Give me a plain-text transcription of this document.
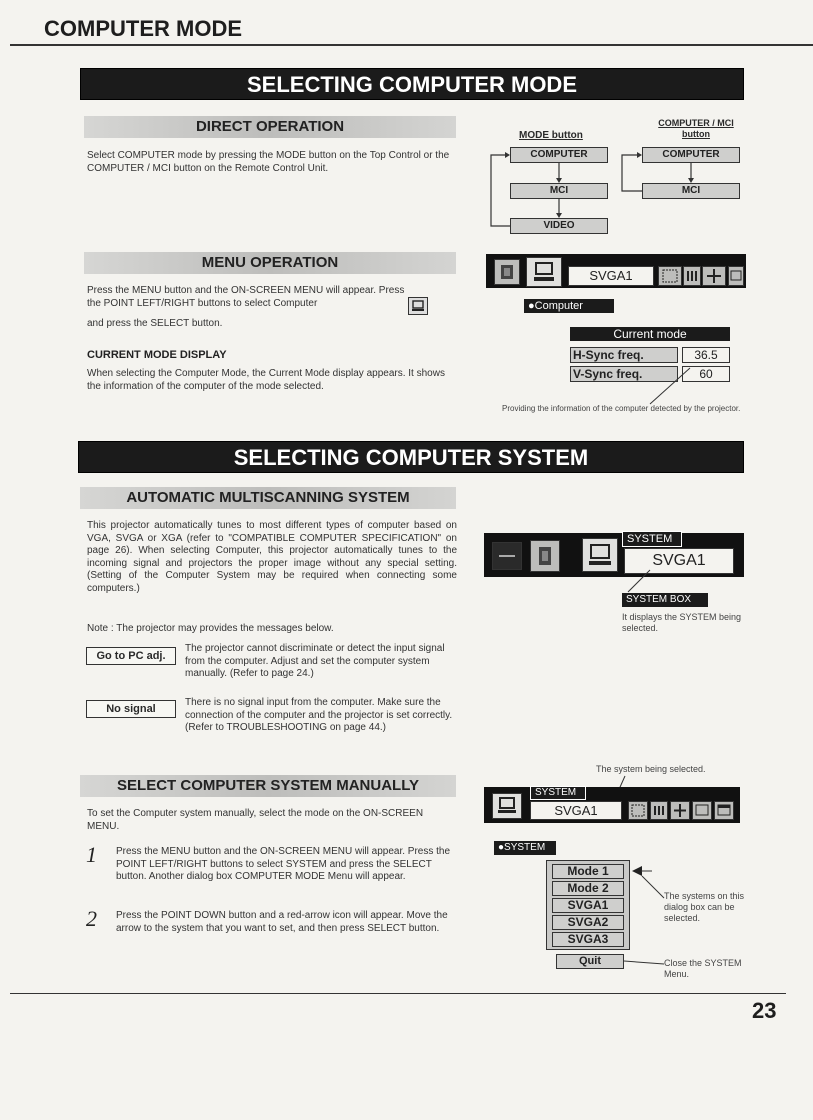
COMPUTER MODE
SELECTING COMPUTER MODE
DIRECT OPERATION
Select COMPUTER mode by pressing the MODE button on the Top Control or the COMPUTER / MCI button on the Remote Control Unit.
MODE button
COMPUTER / MCI
button
COMPUTER
MCI
VIDEO
COMPUTER
MCI
MENU OPERATION
Press the MENU button and the ON-SCREEN MENU will appear. Press the POINT LEFT/RIGHT buttons to select Computer
and press the SELECT button.
CURRENT MODE DISPLAY
When selecting the Computer Mode, the Current Mode display appears. It shows the information of the computer of the mode selected.
SVGA1
●Computer
Current mode
H-Sync freq.	36.5
V-Sync freq.	60
Providing the information of the computer detected by the projector.
SELECTING COMPUTER SYSTEM
AUTOMATIC MULTISCANNING SYSTEM
This projector automatically tunes to most different types of computer based on VGA, SVGA or XGA (refer to "COMPATIBLE COMPUTER SPECIFICATION" on page 26). When selecting Computer, this projector automatically tunes to the incoming signal and projectors the proper image without any special setting. (Setting of the Computer System may be required when connecting some computers.)
Note : The projector may provides the messages below.
Go to PC adj.
The projector cannot discriminate or detect the input signal from the computer. Adjust and set the computer system manually. (Refer to page 24.)
No signal
There is no signal input from the computer. Make sure the connection of the computer and the projector is set correctly. (Refer to TROUBLESHOOTING on page 44.)
SYSTEM
SVGA1
SYSTEM BOX
It displays the SYSTEM being selected.
SELECT COMPUTER SYSTEM MANUALLY
To set the Computer system manually, select the mode on the ON-SCREEN MENU.
1 Press the MENU button and the ON-SCREEN MENU will appear. Press the POINT LEFT/RIGHT buttons to select SYSTEM and press the SELECT button. Another dialog box COMPUTER MODE Menu will appear.
2 Press the POINT DOWN button and a red-arrow icon will appear. Move the arrow to the system that you want to set, and then press SELECT button.
The system being selected.
SYSTEM
SVGA1
●SYSTEM
Mode 1
Mode 2
SVGA1
SVGA2
SVGA3
Quit
The systems on this dialog box can be selected.
Close the SYSTEM Menu.
23
